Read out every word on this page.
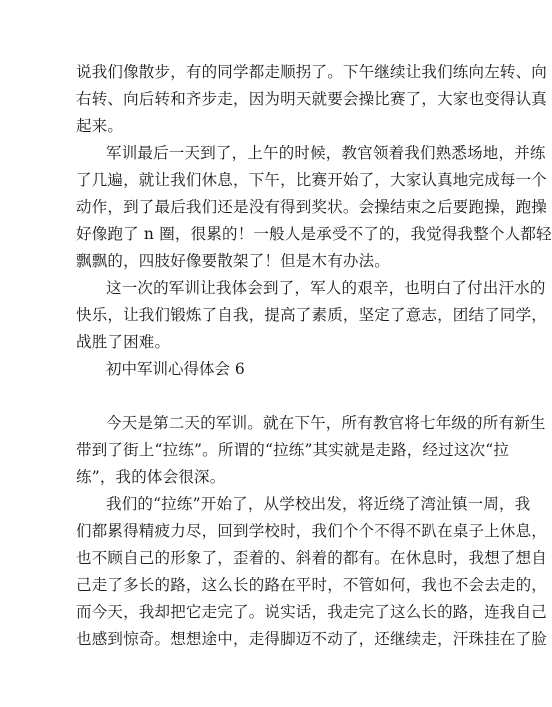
说我们像散步，有的同学都走顺拐了。下午继续让我们练向左转、向
右转、向后转和齐步走，因为明天就要会操比赛了，大家也变得认真
起来。
军训最后一天到了，上午的时候，教官领着我们熟悉场地，并练
了几遍，就让我们休息，下午，比赛开始了，大家认真地完成每一个
动作，到了最后我们还是没有得到奖状。会操结束之后要跑操，跑操
好像跑了 n 圈，很累的！一般人是承受不了的，我觉得我整个人都轻
飘飘的，四肢好像要散架了！但是木有办法。
这一次的军训让我体会到了，军人的艰辛，也明白了付出汗水的
快乐，让我们锻炼了自我，提高了素质，坚定了意志，团结了同学，
战胜了困难。
初中军训心得体会 6
今天是第二天的军训。就在下午，所有教官将七年级的所有新生
带到了街上“拉练”。所谓的“拉练”其实就是走路，经过这次“拉
练”，我的体会很深。
我们的“拉练”开始了，从学校出发，将近绕了湾沚镇一周，我
们都累得精疲力尽，回到学校时，我们个个不得不趴在桌子上休息，
也不顾自己的形象了，歪着的、斜着的都有。在休息时，我想了想自
己走了多长的路，这么长的路在平时，不管如何，我也不会去走的，
而今天，我却把它走完了。说实话，我走完了这么长的路，连我自己
也感到惊奇。想想途中，走得脚迈不动了，还继续走，汗珠挂在了脸
